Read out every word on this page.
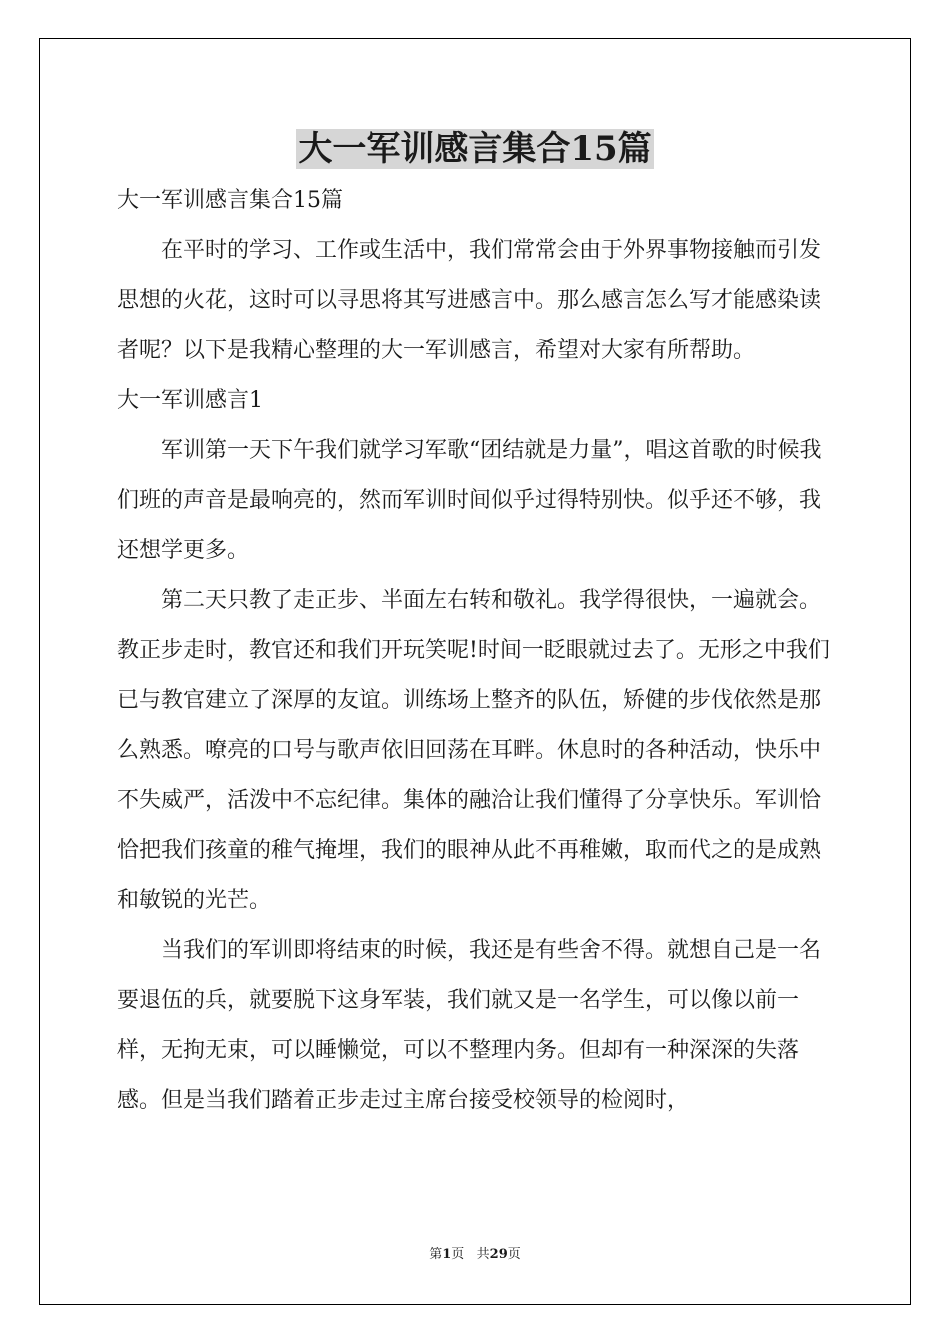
大一军训感言集合15篇

大一军训感言集合15篇

在平时的学习、工作或生活中，我们常常会由于外界事物接触而引发思想的火花，这时可以寻思将其写进感言中。那么感言怎么写才能感染读者呢？以下是我精心整理的大一军训感言，希望对大家有所帮助。

大一军训感言1

军训第一天下午我们就学习军歌“团结就是力量”，唱这首歌的时候我们班的声音是最响亮的，然而军训时间似乎过得特别快。似乎还不够，我还想学更多。

第二天只教了走正步、半面左右转和敬礼。我学得很快，一遍就会。教正步走时，教官还和我们开玩笑呢!时间一眨眼就过去了。无形之中我们已与教官建立了深厚的友谊。训练场上整齐的队伍，矫健的步伐依然是那么熟悉。嘹亮的口号与歌声依旧回荡在耳畔。休息时的各种活动，快乐中不失威严，活泼中不忘纪律。集体的融洽让我们懂得了分享快乐。军训恰恰把我们孩童的稚气掩埋，我们的眼神从此不再稚嫩，取而代之的是成熟和敏锐的光芒。

当我们的军训即将结束的时候，我还是有些舍不得。就想自己是一名要退伍的兵，就要脱下这身军装，我们就又是一名学生，可以像以前一样，无拘无束，可以睡懒觉，可以不整理内务。但却有一种深深的失落感。但是当我们踏着正步走过主席台接受校领导的检阅时，

第1页   共29页
